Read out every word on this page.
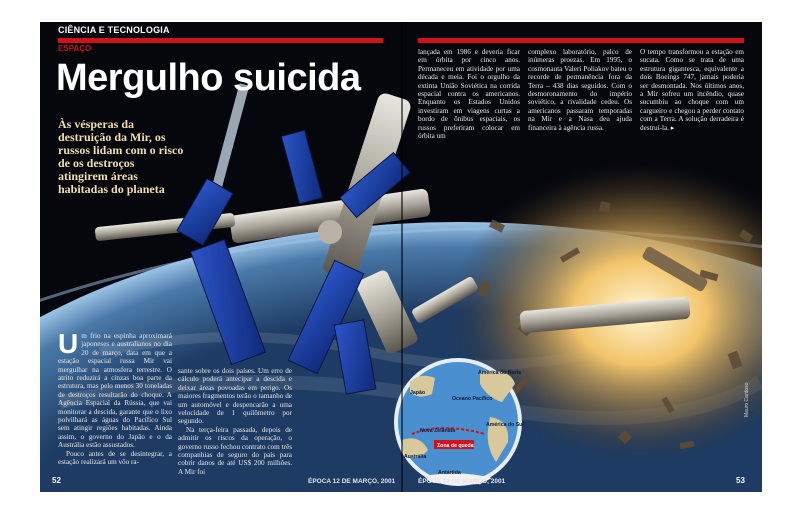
CIÊNCIA E TECNOLOGIA
ESPAÇO
Mergulho suicida
Às vésperas da destruição da Mir, os russos lidam com o risco de os destroços atingirem áreas habitadas do planeta

Um frio na espinha aproximará japoneses e australianos no dia 20 de março, data em que a estação espacial russa Mir vai mergulhar na atmosfera terrestre. O atrito reduzirá a cinzas boa parte da estrutura, mas pelo menos 30 toneladas de destroços resultarão do choque. A Agência Espacial da Rússia, que vai monitorar a descida, garante que o lixo polvilhará as águas do Pacífico Sul sem atingir regiões habitadas. Ainda assim, o governo do Japão e o da Austrália estão assustados.

Pouco antes de se desintegrar, a estação realizará um vôo ra-

sante sobre os dois países. Um erro de cálculo poderá antecipar a descida e deixar áreas povoadas em perigo. Os maiores fragmentos terão o tamanho de um automóvel e despencarão a uma velocidade de 1 quilômetro por segundo.

Na terça-feira passada, depois de admitir os riscos da operação, o governo russo fechou contrato com três companhias de seguro do país para cobrir danos de até US$ 200 milhões. A Mir foi

lançada em 1986 e deveria ficar em órbita por cinco anos. Permaneceu em atividade por uma década e meia. Foi o orgulho da extinta União Soviética na corrida espacial contra os americanos. Enquanto os Estados Unidos investiram em viagens curtas a bordo de ônibus espaciais, os russos preferiram colocar em órbita um
complexo laboratório, palco de inúmeras proezas. Em 1995, o cosmonauta Valeri Poliakov bateu o recorde de permanência fora da Terra – 438 dias seguidos. Com o desmoronamento do império soviético, a rivalidade cedeu. Os americanos passaram temporadas na Mir e a Nasa deu ajuda financeira à agência russa.
O tempo transformou a estação em sucata. Como se trata de uma estrutura gigantesca, equivalente a dois Boeings 747, jamais poderia ser desmontada. Nos últimos anos, a Mir sofreu um incêndio, quase sucumbiu ao choque com um cargueiro e chegou a perder contato com a Terra. A solução derradeira é destruí-la. ▸
América do Norte
Japão
Oceano Pacífico
Nova Zelândia
América do Sul
Zona de queda
Austrália
Antártida
Mauro Cardoso
52	ÉPOCA 12 DE MARÇO, 2001	ÉPOCA 12 DE MARÇO, 2001	53
